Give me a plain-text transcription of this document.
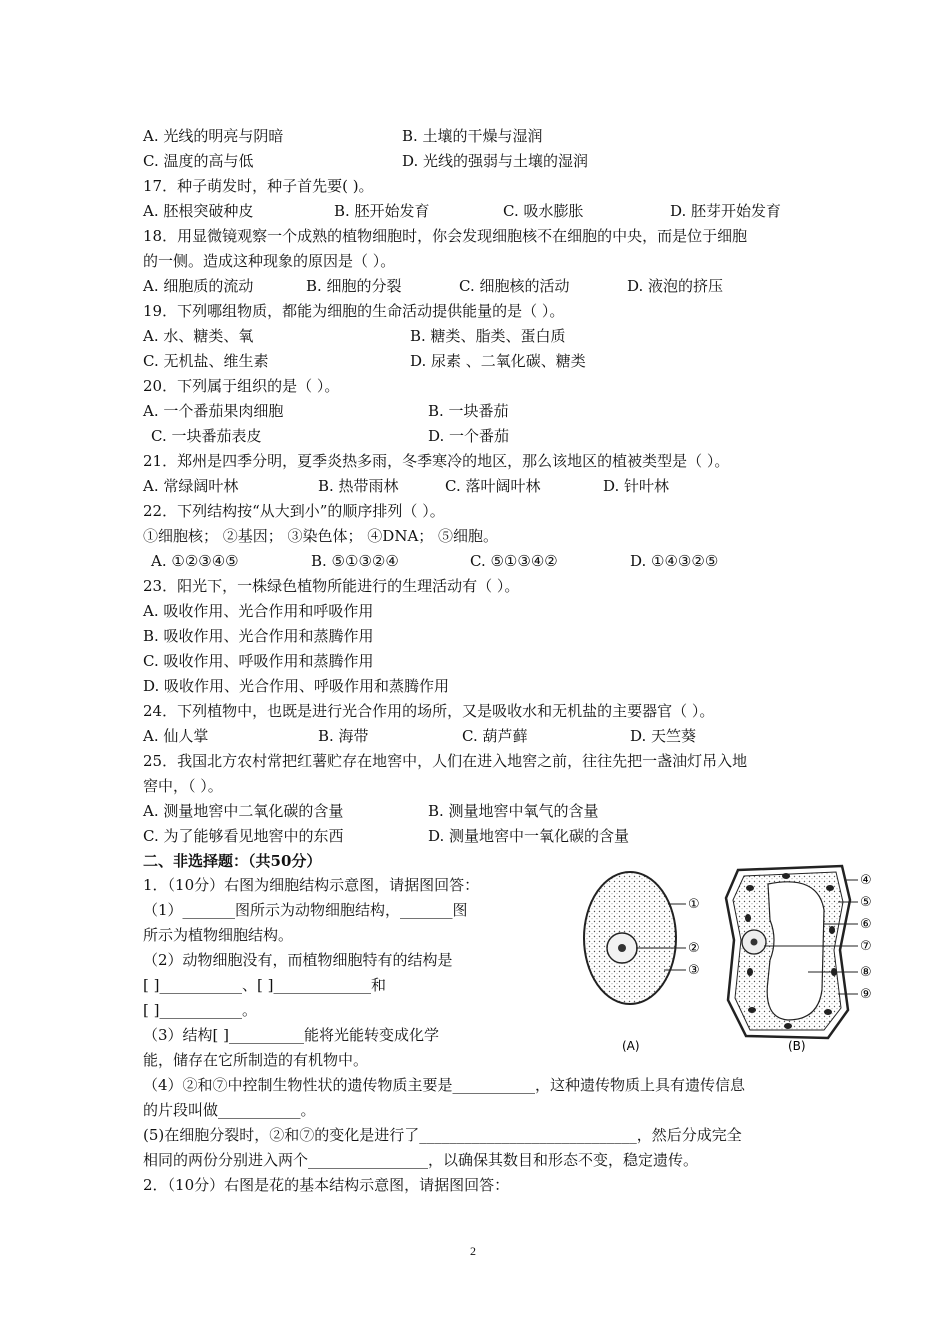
A. 光线的明亮与阴暗	B. 土壤的干燥与湿润
C. 温度的高与低	D. 光线的强弱与土壤的湿润
17．种子萌发时，种子首先要( )。
A. 胚根突破种皮	B. 胚开始发育	C. 吸水膨胀	D. 胚芽开始发育
18．用显微镜观察一个成熟的植物细胞时，你会发现细胞核不在细胞的中央，而是位于细胞
的一侧。造成这种现象的原因是（ ）。
A. 细胞质的流动	B. 细胞的分裂	C. 细胞核的活动	D. 液泡的挤压
19．下列哪组物质，都能为细胞的生命活动提供能量的是（ ）。
A. 水、糖类、氧	B. 糖类、脂类、蛋白质
C. 无机盐、维生素	D. 尿素 、二氧化碳、糖类
20．下列属于组织的是（ ）。
A. 一个番茄果肉细胞	B. 一块番茄
C. 一块番茄表皮	D. 一个番茄
21．郑州是四季分明，夏季炎热多雨，冬季寒冷的地区，那么该地区的植被类型是（ ）。
A. 常绿阔叶林	B. 热带雨林	C. 落叶阔叶林	D. 针叶林
22．下列结构按“从大到小”的顺序排列（ ）。
①细胞核； ②基因； ③染色体； ④DNA； ⑤细胞。
A. ①②③④⑤	B. ⑤①③②④	C. ⑤①③④②	D. ①④③②⑤
23．阳光下，一株绿色植物所能进行的生理活动有（ ）。
A. 吸收作用、光合作用和呼吸作用
B. 吸收作用、光合作用和蒸腾作用
C. 吸收作用、呼吸作用和蒸腾作用
D. 吸收作用、光合作用、呼吸作用和蒸腾作用
24．下列植物中，也既是进行光合作用的场所，又是吸收水和无机盐的主要器官（ ）。
A. 仙人掌	B. 海带	C. 葫芦藓	D. 天竺葵
25．我国北方农村常把红薯贮存在地窖中，人们在进入地窖之前，往往先把一盏油灯吊入地
窖中，（ ）。
A. 测量地窖中二氧化碳的含量	B. 测量地窖中氧气的含量
C. 为了能够看见地窖中的东西	D. 测量地窖中一氧化碳的含量
二、非选择题：（共50分）
1．（10分）右图为细胞结构示意图，请据图回答：
（1）_______图所示为动物细胞结构，_______图
所示为植物细胞结构。
（2）动物细胞没有，而植物细胞特有的结构是
[ ]___________、[ ]_____________和
[ ]___________。
（3）结构[ ]__________能将光能转变成化学
能，储存在它所制造的有机物中。
（4）②和⑦中控制生物性状的遗传物质主要是___________，这种遗传物质上具有遗传信息
的片段叫做___________。
(5)在细胞分裂时，②和⑦的变化是进行了_____________________________，然后分成完全
相同的两份分别进入两个________________，以确保其数目和形态不变，稳定遗传。
2．（10分）右图是花的基本结构示意图，请据图回答：
①
②
③
(A)
④
⑤
⑥
⑦
⑧
⑨
(B)
2
